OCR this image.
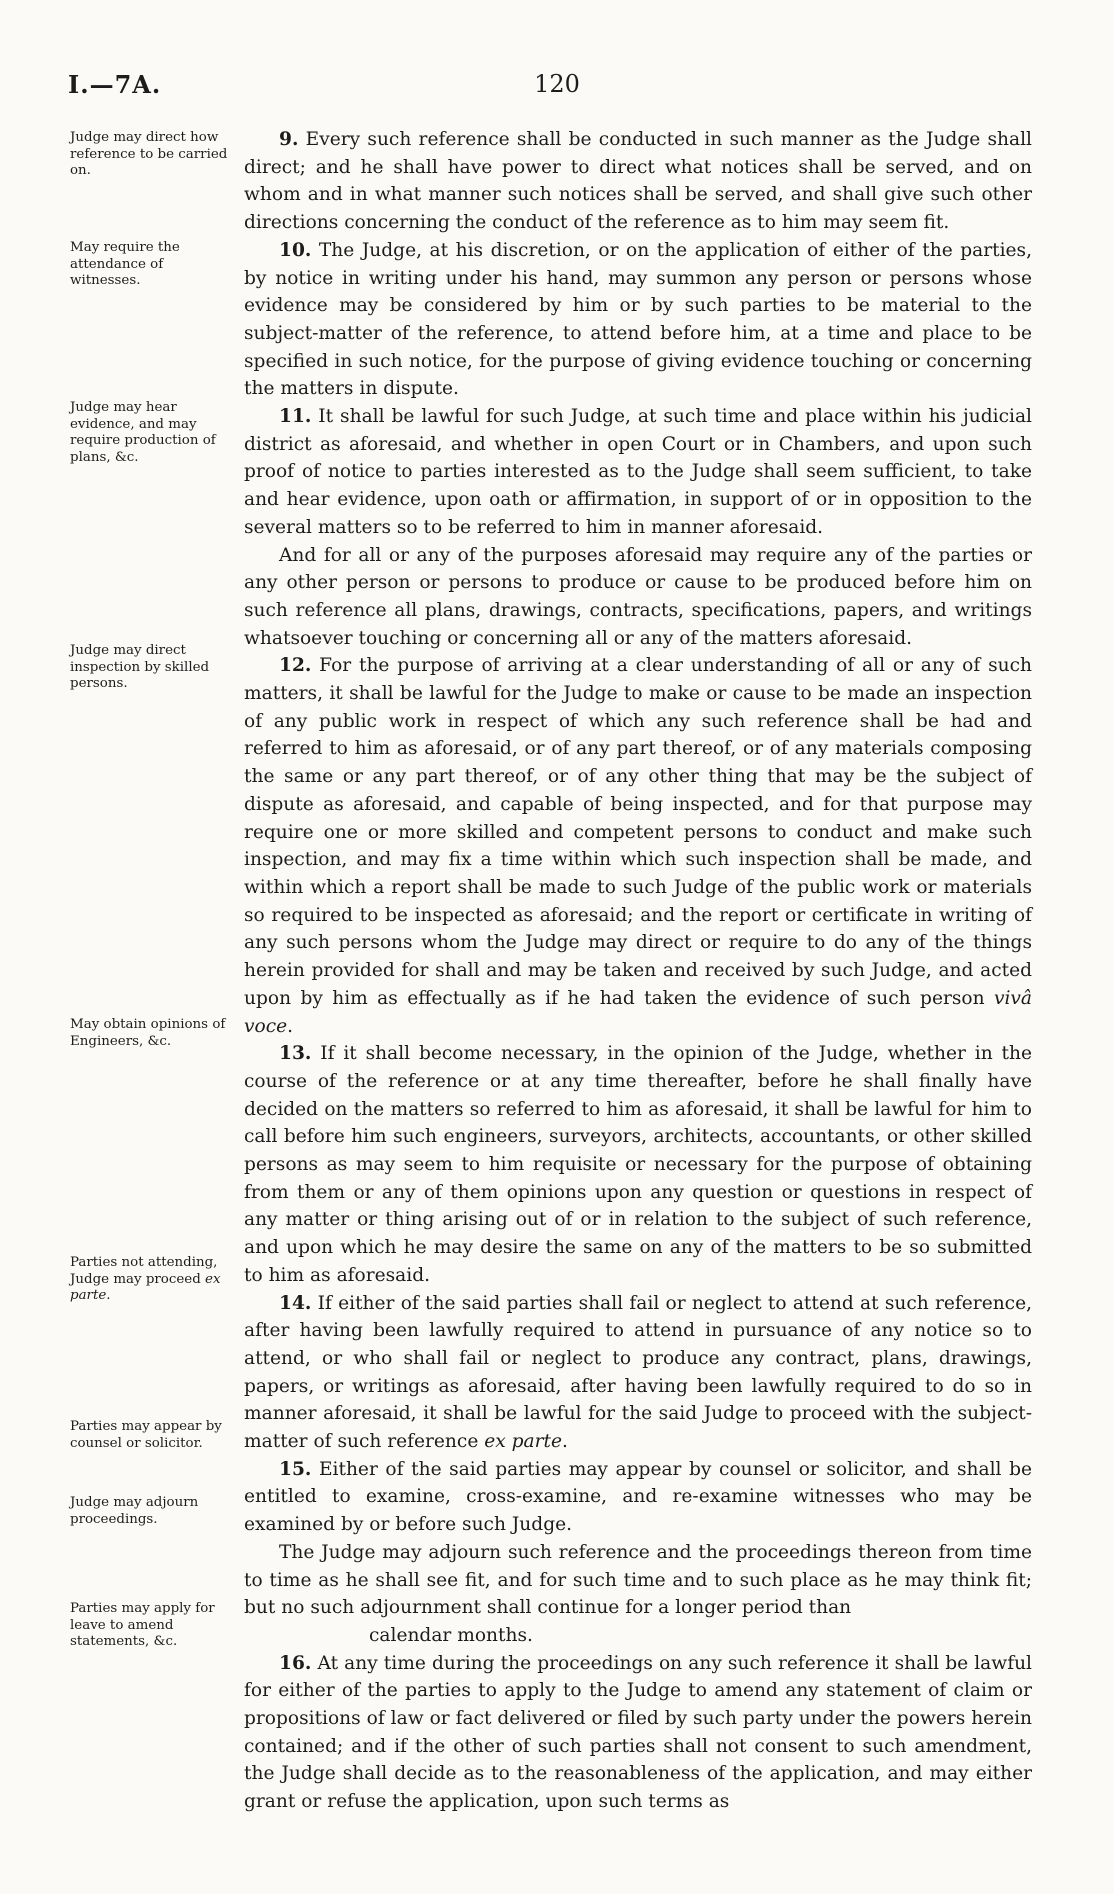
I.—7A.	120
Judge may direct how reference to be carried on.
May require the attendance of witnesses.
Judge may hear evidence, and may require production of plans, &c.
Judge may direct inspection by skilled persons.
May obtain opinions of Engineers, &c.
Parties not attending, Judge may proceed ex parte.
Parties may appear by counsel or solicitor.
Judge may adjourn proceedings.
Parties may apply for leave to amend statements, &c.

9. Every such reference shall be conducted in such manner as the Judge shall direct; and he shall have power to direct what notices shall be served, and on whom and in what manner such notices shall be served, and shall give such other directions concerning the conduct of the reference as to him may seem fit.

10. The Judge, at his discretion, or on the application of either of the parties, by notice in writing under his hand, may summon any person or persons whose evidence may be considered by him or by such parties to be material to the subject-matter of the reference, to attend before him, at a time and place to be specified in such notice, for the purpose of giving evidence touching or concerning the matters in dispute.

11. It shall be lawful for such Judge, at such time and place within his judicial district as aforesaid, and whether in open Court or in Chambers, and upon such proof of notice to parties interested as to the Judge shall seem sufficient, to take and hear evidence, upon oath or affirmation, in support of or in opposition to the several matters so to be referred to him in manner aforesaid.

And for all or any of the purposes aforesaid may require any of the parties or any other person or persons to produce or cause to be produced before him on such reference all plans, drawings, contracts, specifications, papers, and writings whatsoever touching or concerning all or any of the matters aforesaid.

12. For the purpose of arriving at a clear understanding of all or any of such matters, it shall be lawful for the Judge to make or cause to be made an inspection of any public work in respect of which any such reference shall be had and referred to him as aforesaid, or of any part thereof, or of any materials composing the same or any part thereof, or of any other thing that may be the subject of dispute as aforesaid, and capable of being inspected, and for that purpose may require one or more skilled and competent persons to conduct and make such inspection, and may fix a time within which such inspection shall be made, and within which a report shall be made to such Judge of the public work or materials so required to be inspected as aforesaid; and the report or certificate in writing of any such persons whom the Judge may direct or require to do any of the things herein provided for shall and may be taken and received by such Judge, and acted upon by him as effectually as if he had taken the evidence of such person vivâ voce.

13. If it shall become necessary, in the opinion of the Judge, whether in the course of the reference or at any time thereafter, before he shall finally have decided on the matters so referred to him as aforesaid, it shall be lawful for him to call before him such engineers, surveyors, architects, accountants, or other skilled persons as may seem to him requisite or necessary for the purpose of obtaining from them or any of them opinions upon any question or questions in respect of any matter or thing arising out of or in relation to the subject of such reference, and upon which he may desire the same on any of the matters to be so submitted to him as aforesaid.

14. If either of the said parties shall fail or neglect to attend at such reference, after having been lawfully required to attend in pursuance of any notice so to attend, or who shall fail or neglect to produce any contract, plans, drawings, papers, or writings as aforesaid, after having been lawfully required to do so in manner aforesaid, it shall be lawful for the said Judge to proceed with the subject-matter of such reference ex parte.

15. Either of the said parties may appear by counsel or solicitor, and shall be entitled to examine, cross-examine, and re-examine witnesses who may be examined by or before such Judge.

The Judge may adjourn such reference and the proceedings thereon from time to time as he shall see fit, and for such time and to such place as he may think fit; but no such adjournment shall continue for a longer period than
calendar months.

16. At any time during the proceedings on any such reference it shall be lawful for either of the parties to apply to the Judge to amend any statement of claim or propositions of law or fact delivered or filed by such party under the powers herein contained; and if the other of such parties shall not consent to such amendment, the Judge shall decide as to the reasonableness of the application, and may either grant or refuse the application, upon such terms as
